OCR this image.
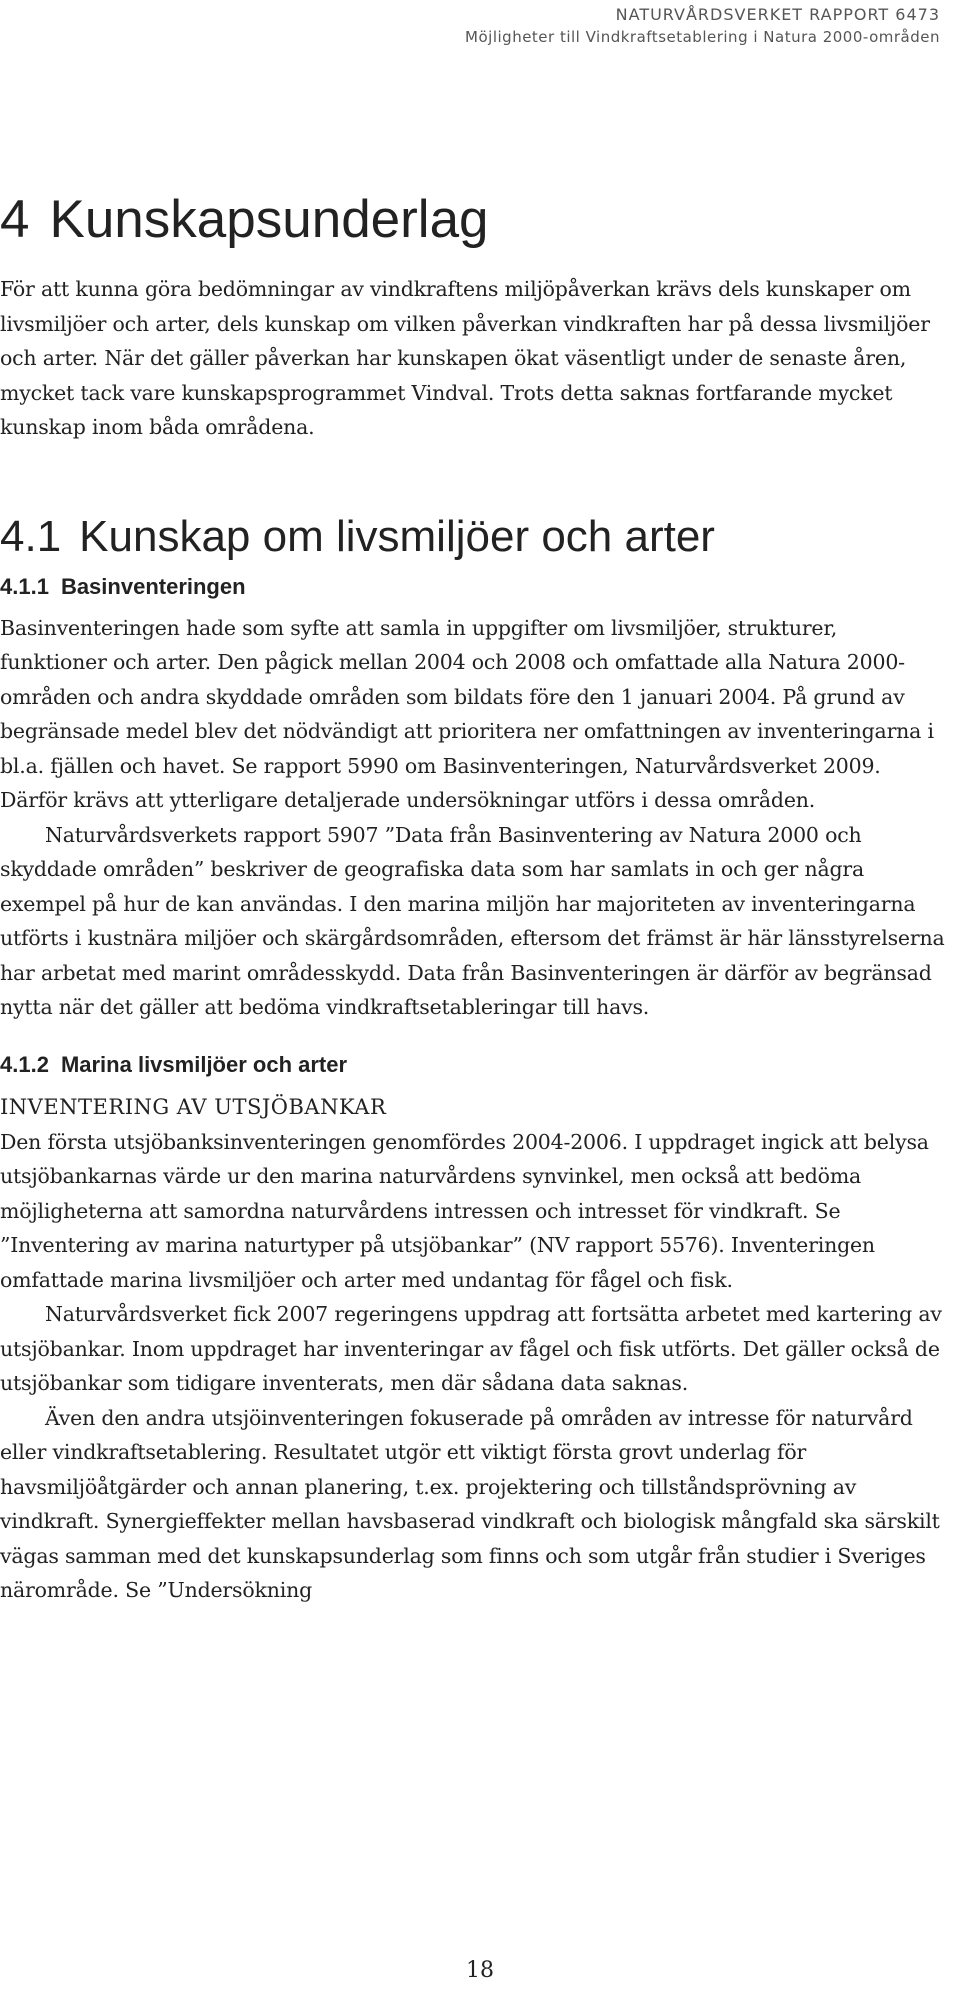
NATURVÅRDSVERKET RAPPORT 6473
Möjligheter till Vindkraftsetablering i Natura 2000-områden
4 Kunskapsunderlag

För att kunna göra bedömningar av vindkraftens miljöpåverkan krävs dels kunskaper om livsmiljöer och arter, dels kunskap om vilken påverkan vindkraften har på dessa livsmiljöer och arter. När det gäller påverkan har kunskapen ökat väsentligt under de senaste åren, mycket tack vare kunskapsprogrammet Vindval. Trots detta saknas fortfarande mycket kunskap inom båda områdena.

4.1 Kunskap om livsmiljöer och arter
4.1.1 Basinventeringen

Basinventeringen hade som syfte att samla in uppgifter om livsmiljöer, strukturer, funktioner och arter. Den pågick mellan 2004 och 2008 och omfattade alla Natura 2000-områden och andra skyddade områden som bildats före den 1 januari 2004. På grund av begränsade medel blev det nödvändigt att prioritera ner omfattningen av inventeringarna i bl.a. fjällen och havet. Se rapport 5990 om Basinventeringen, Naturvårdsverket 2009. Därför krävs att ytterligare detaljerade undersökningar utförs i dessa områden.

Naturvårdsverkets rapport 5907 ”Data från Basinventering av Natura 2000 och skyddade områden” beskriver de geografiska data som har samlats in och ger några exempel på hur de kan användas. I den marina miljön har majoriteten av inventeringarna utförts i kustnära miljöer och skärgårdsområden, eftersom det främst är här länsstyrelserna har arbetat med marint områdesskydd. Data från Basinventeringen är därför av begränsad nytta när det gäller att bedöma vindkraftsetableringar till havs.

4.1.2 Marina livsmiljöer och arter
INVENTERING AV UTSJÖBANKAR

Den första utsjöbanksinventeringen genomfördes 2004-2006. I uppdraget ingick att belysa utsjöbankarnas värde ur den marina naturvårdens synvinkel, men också att bedöma möjligheterna att samordna naturvårdens intressen och intresset för vindkraft. Se ”Inventering av marina naturtyper på utsjöbankar” (NV rapport 5576). Inventeringen omfattade marina livsmiljöer och arter med undantag för fågel och fisk.

Naturvårdsverket fick 2007 regeringens uppdrag att fortsätta arbetet med kartering av utsjöbankar. Inom uppdraget har inventeringar av fågel och fisk utförts. Det gäller också de utsjöbankar som tidigare inventerats, men där sådana data saknas.

Även den andra utsjöinventeringen fokuserade på områden av intresse för naturvård eller vindkraftsetablering. Resultatet utgör ett viktigt första grovt underlag för havsmiljöåtgärder och annan planering, t.ex. projektering och tillståndsprövning av vindkraft. Synergieffekter mellan havsbaserad vindkraft och biologisk mångfald ska särskilt vägas samman med det kunskapsunderlag som finns och som utgår från studier i Sveriges närområde. Se ”Undersökning

18
